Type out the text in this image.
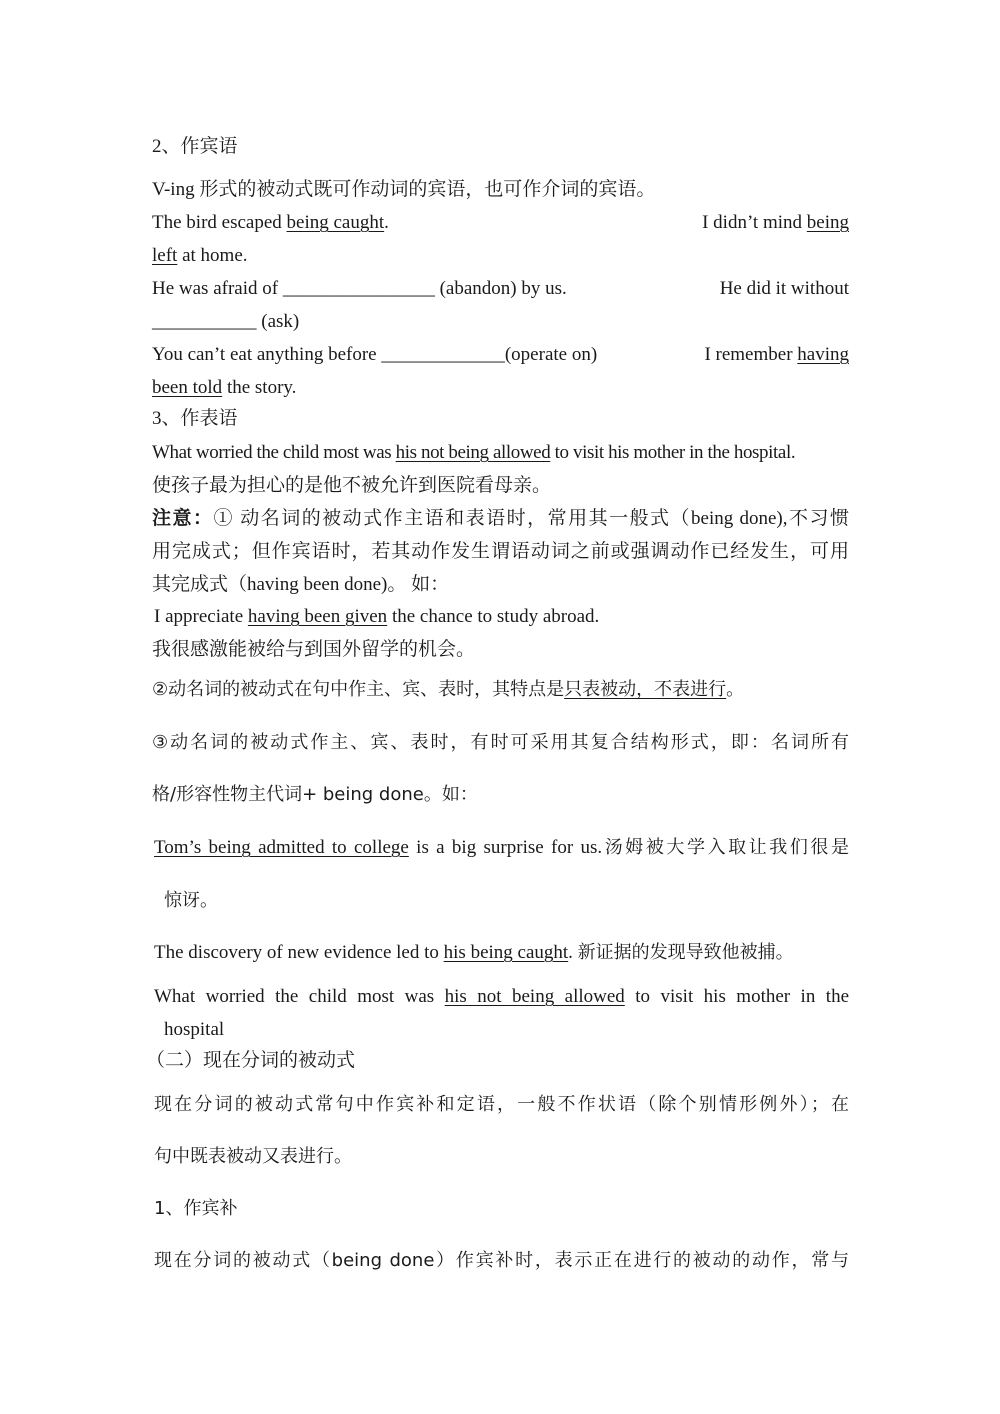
2、作宾语
V-ing 形式的被动式既可作动词的宾语，也可作介词的宾语。
The bird escaped being caught.	I didn’t mind being
left at home.
He was afraid of ________________ (abandon) by us.	He did it without
___________ (ask)
You can’t eat anything before _____________(operate on)	I remember having
been told the story.
3、作表语
What worried the child most was his not being allowed to visit his mother in the hospital.
使孩子最为担心的是他不被允许到医院看母亲。
注意：① 动名词的被动式作主语和表语时，常用其一般式（being done),不习惯
用完成式；但作宾语时，若其动作发生谓语动词之前或强调动作已经发生，可用
其完成式（having been done)。 如：
I appreciate having been given the chance to study abroad.
我很感激能被给与到国外留学的机会。
②动名词的被动式在句中作主、宾、表时，其特点是只表被动，不表进行。
③动名词的被动式作主、宾、表时，有时可采用其复合结构形式，即：名词所有
格/形容性物主代词+ being done。如：
Tom’s being admitted to college is a big surprise for us.汤姆被大学入取让我们很是
惊讶。
The discovery of new evidence led to his being caught. 新证据的发现导致他被捕。
What worried the child most was his not being allowed to visit his mother in the
hospital
（二）现在分词的被动式
现在分词的被动式常句中作宾补和定语，一般不作状语（除个别情形例外）；在
句中既表被动又表进行。
1、作宾补
现在分词的被动式（being done）作宾补时，表示正在进行的被动的动作，常与
